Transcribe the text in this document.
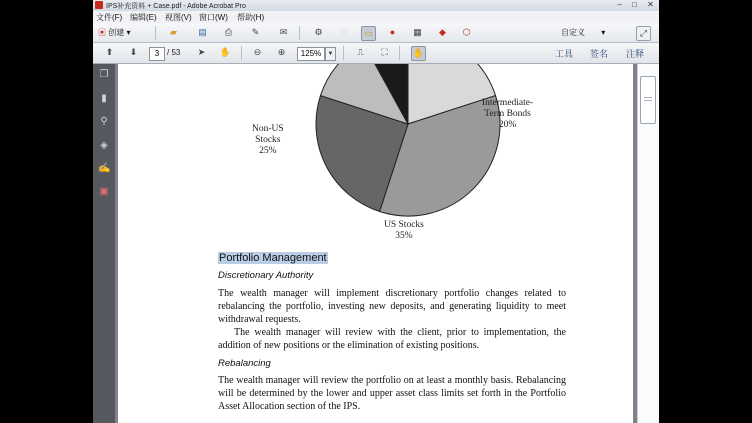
IPS补充资料 + Case.pdf - Adobe Acrobat Pro	–	□	✕
文件(F) 编辑(E) 视图(V) 窗口(W) 帮助(H)
▣ 创建 ▾	▰	▤	⎙	✎	✉	⚙	◌	▭	●	▦	◆	⬡	自定义 ▾	⤢
⬆	⬇	3 / 53	➤	✋	⊖	⊕	125%	▼	⎍	⛶	✋	工具 签名 注释
❐
▮
⚲
◈
✍
▣
Intermediate-
Term Bonds
20%
Non-US
Stocks
25%
US Stocks
35%
Portfolio Management
Discretionary Authority
The wealth manager will implement discretionary portfolio changes related to rebalancing the portfolio, investing new deposits, and generating liquidity to meet withdrawal requests.
The wealth manager will review with the client, prior to implementation, the addition of new positions or the elimination of existing positions.
Rebalancing
The wealth manager will review the portfolio on at least a monthly basis. Rebalancing will be determined by the lower and upper asset class limits set forth in the Portfolio Asset Allocation section of the IPS.
